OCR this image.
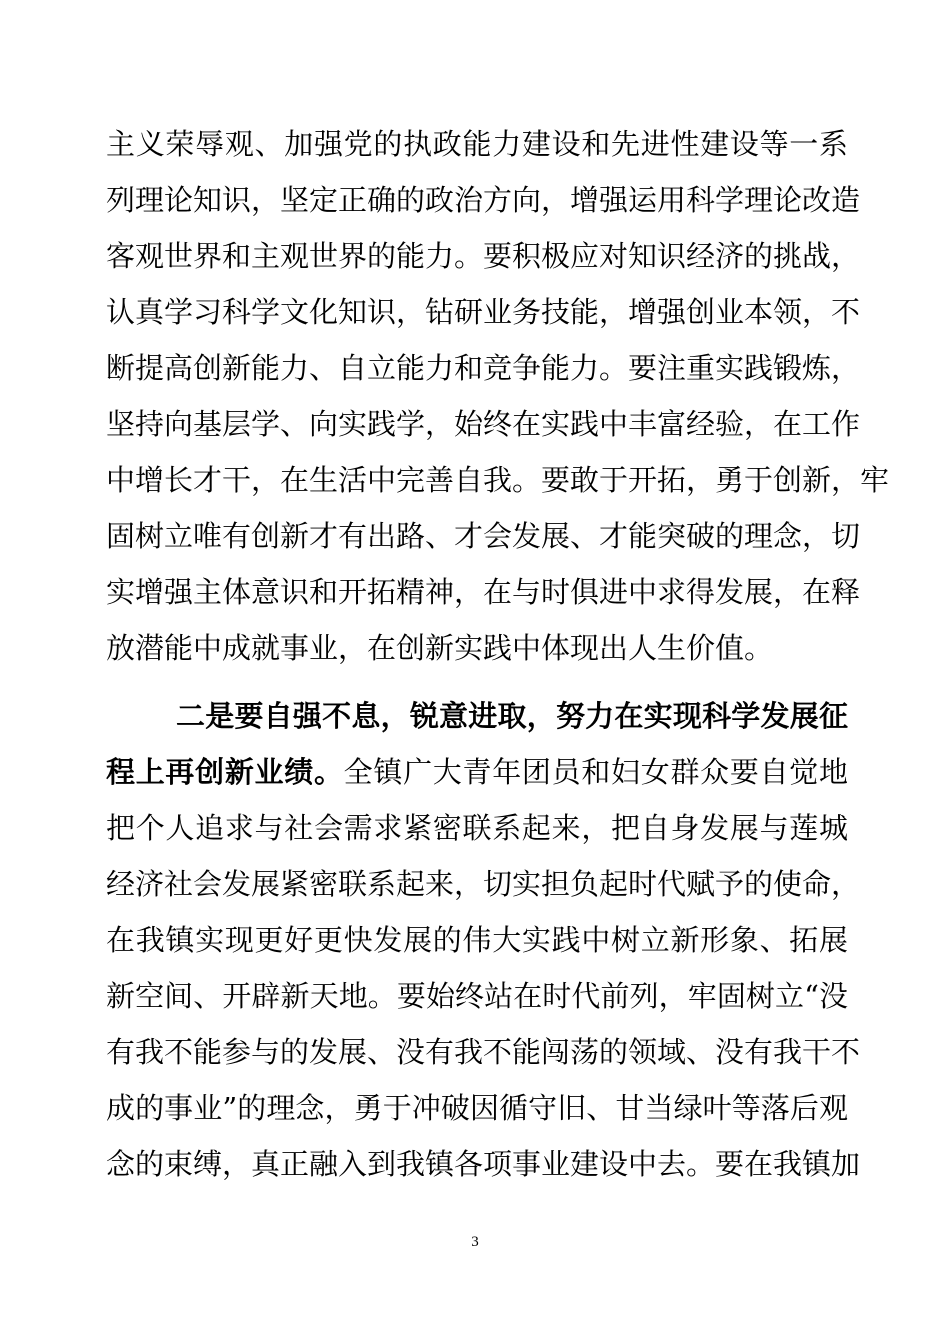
主义荣辱观、加强党的执政能力建设和先进性建设等一系
列理论知识，坚定正确的政治方向，增强运用科学理论改造
客观世界和主观世界的能力。要积极应对知识经济的挑战，
认真学习科学文化知识，钻研业务技能，增强创业本领，不
断提高创新能力、自立能力和竞争能力。要注重实践锻炼，
坚持向基层学、向实践学，始终在实践中丰富经验，在工作
中增长才干，在生活中完善自我。要敢于开拓，勇于创新，牢
固树立唯有创新才有出路、才会发展、才能突破的理念，切
实增强主体意识和开拓精神，在与时俱进中求得发展，在释
放潜能中成就事业，在创新实践中体现出人生价值。
二是要自强不息，锐意进取，努力在实现科学发展征
程上再创新业绩。全镇广大青年团员和妇女群众要自觉地
把个人追求与社会需求紧密联系起来，把自身发展与莲城
经济社会发展紧密联系起来，切实担负起时代赋予的使命，
在我镇实现更好更快发展的伟大实践中树立新形象、拓展
新空间、开辟新天地。要始终站在时代前列，牢固树立“没
有我不能参与的发展、没有我不能闯荡的领域、没有我干不
成的事业”的理念，勇于冲破因循守旧、甘当绿叶等落后观
念的束缚，真正融入到我镇各项事业建设中去。要在我镇加
3
